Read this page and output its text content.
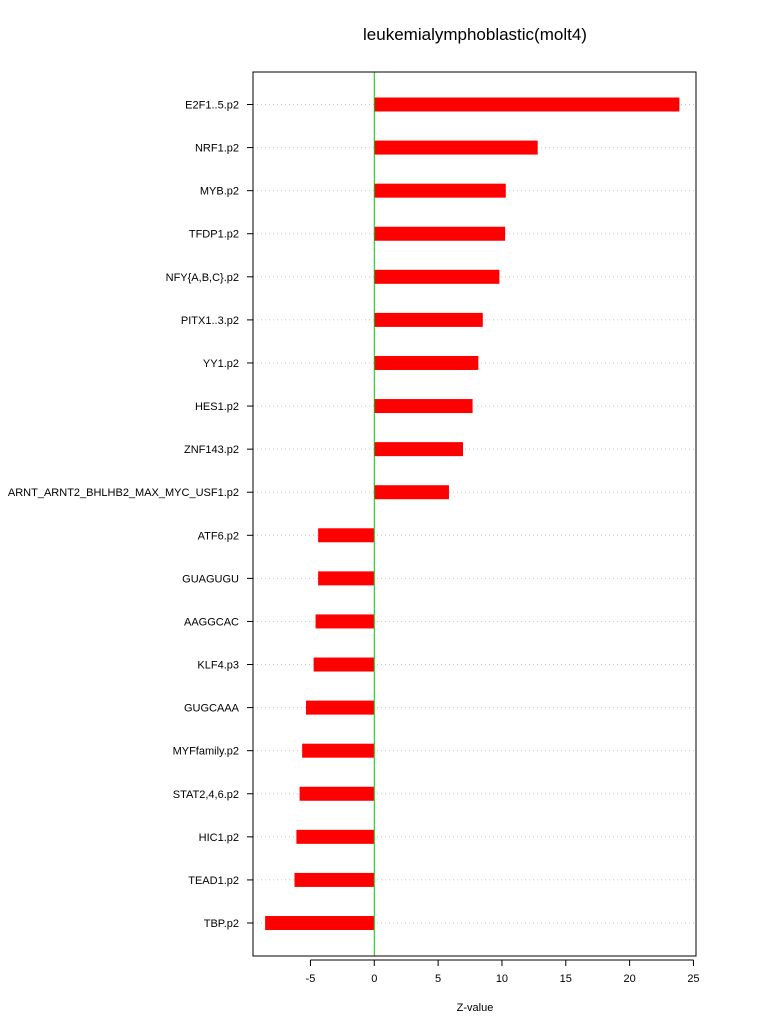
leukemialymphoblastic(molt4)
E2F1..5.p2
NRF1.p2
MYB.p2
TFDP1.p2
NFY{A,B,C}.p2
PITX1..3.p2
YY1.p2
HES1.p2
ZNF143.p2
ARNT_ARNT2_BHLHB2_MAX_MYC_USF1.p2
ATF6.p2
GUAGUGU
AAGGCAC
KLF4.p3
GUGCAAA
MYFfamily.p2
STAT2,4,6.p2
HIC1.p2
TEAD1.p2
TBP.p2
-5	0	5	10	15	20	25
Z-value
